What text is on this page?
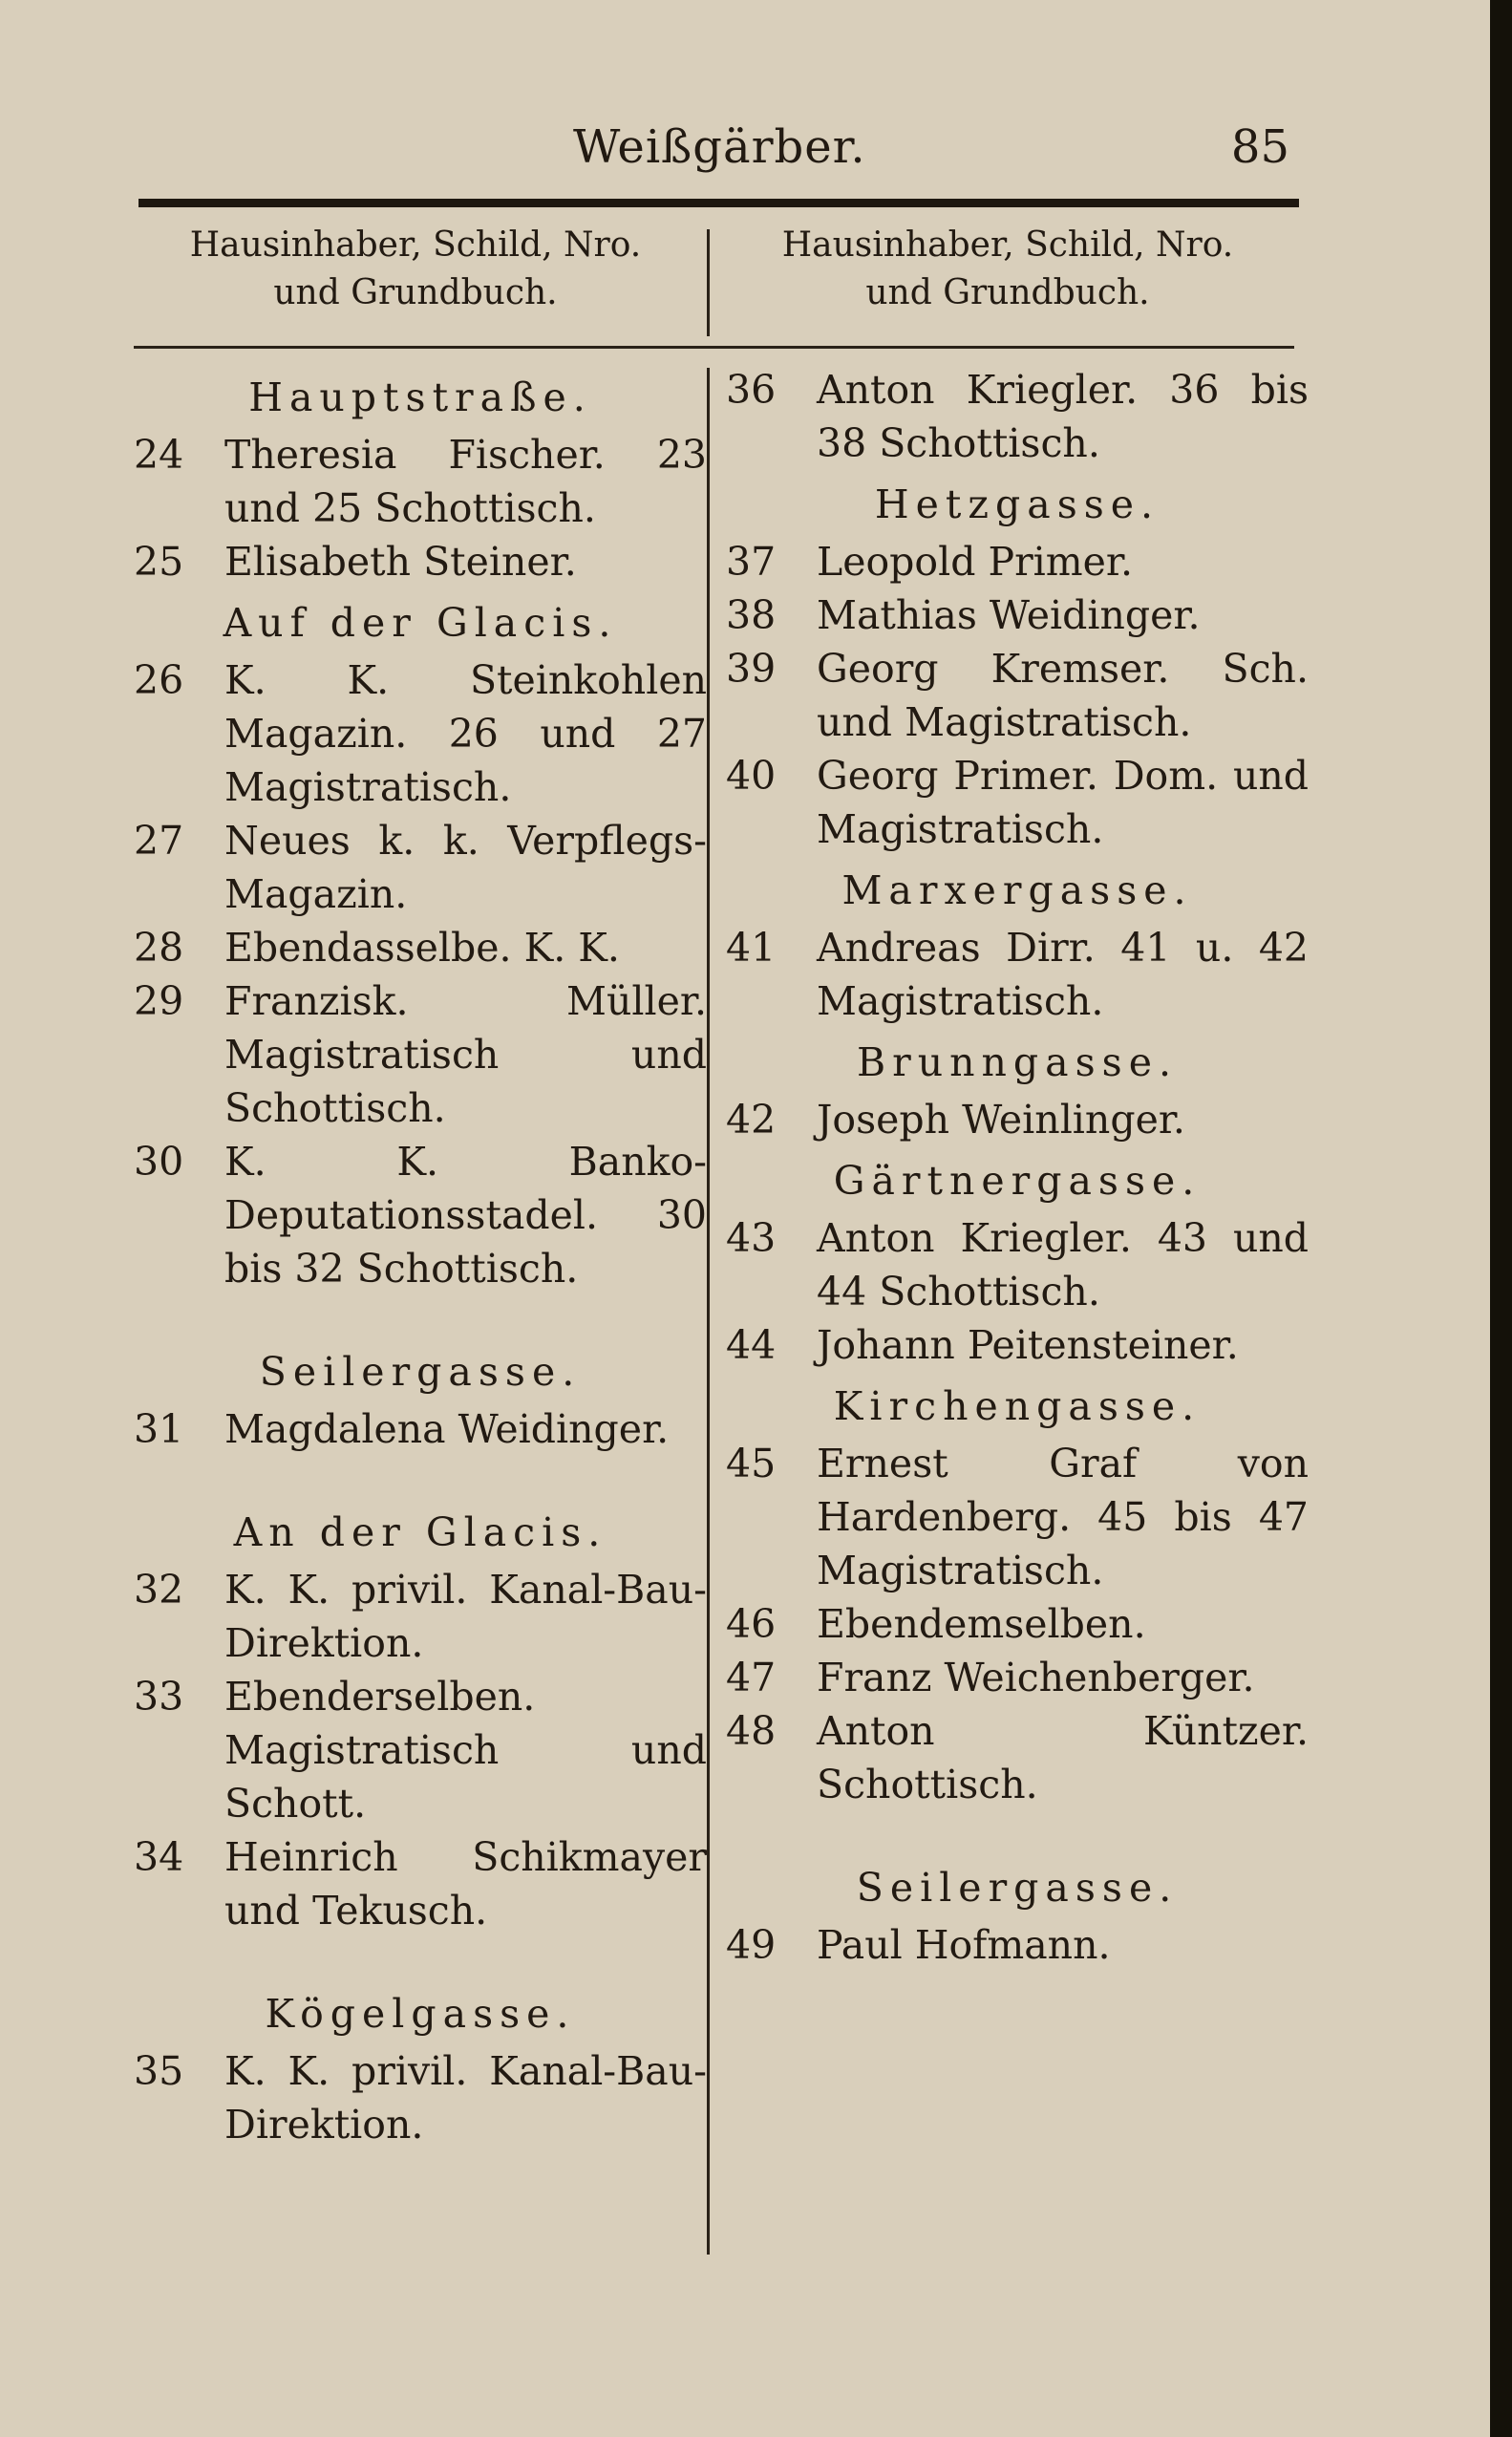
Weißgärber.	85
Hausinhaber, Schild, Nro.
und Grundbuch.
Hausinhaber, Schild, Nro.
und Grundbuch.
Hauptstraße.
24 Theresia Fischer. 23 und 25 Schottisch.
25 Elisabeth Steiner.
Auf der Glacis.
26 K. K. Steinkohlen Magazin. 26 und 27 Magistratisch.
27 Neues k. k. Verpflegs-Magazin.
28 Ebendasselbe. K. K.
29 Franzisk. Müller. Magistratisch und Schottisch.
30 K. K. Banko-Deputationsstadel. 30 bis 32 Schottisch.
Seilergasse.
31 Magdalena Weidinger.
An der Glacis.
32 K. K. privil. Kanal-Bau-Direktion.
33 Ebenderselben. Magistratisch und Schott.
34 Heinrich Schikmayer und Tekusch.
Kögelgasse.
35 K. K. privil. Kanal-Bau-Direktion.
36 Anton Kriegler. 36 bis 38 Schottisch.
Hetzgasse.
37 Leopold Primer.
38 Mathias Weidinger.
39 Georg Kremser. Sch. und Magistratisch.
40 Georg Primer. Dom. und Magistratisch.
Marxergasse.
41 Andreas Dirr. 41 u. 42 Magistratisch.
Brunngasse.
42 Joseph Weinlinger.
Gärtnergasse.
43 Anton Kriegler. 43 und 44 Schottisch.
44 Johann Peitensteiner.
Kirchengasse.
45 Ernest Graf von Hardenberg. 45 bis 47 Magistratisch.
46 Ebendemselben.
47 Franz Weichenberger.
48 Anton Küntzer. Schottisch.
Seilergasse.
49 Paul Hofmann.
